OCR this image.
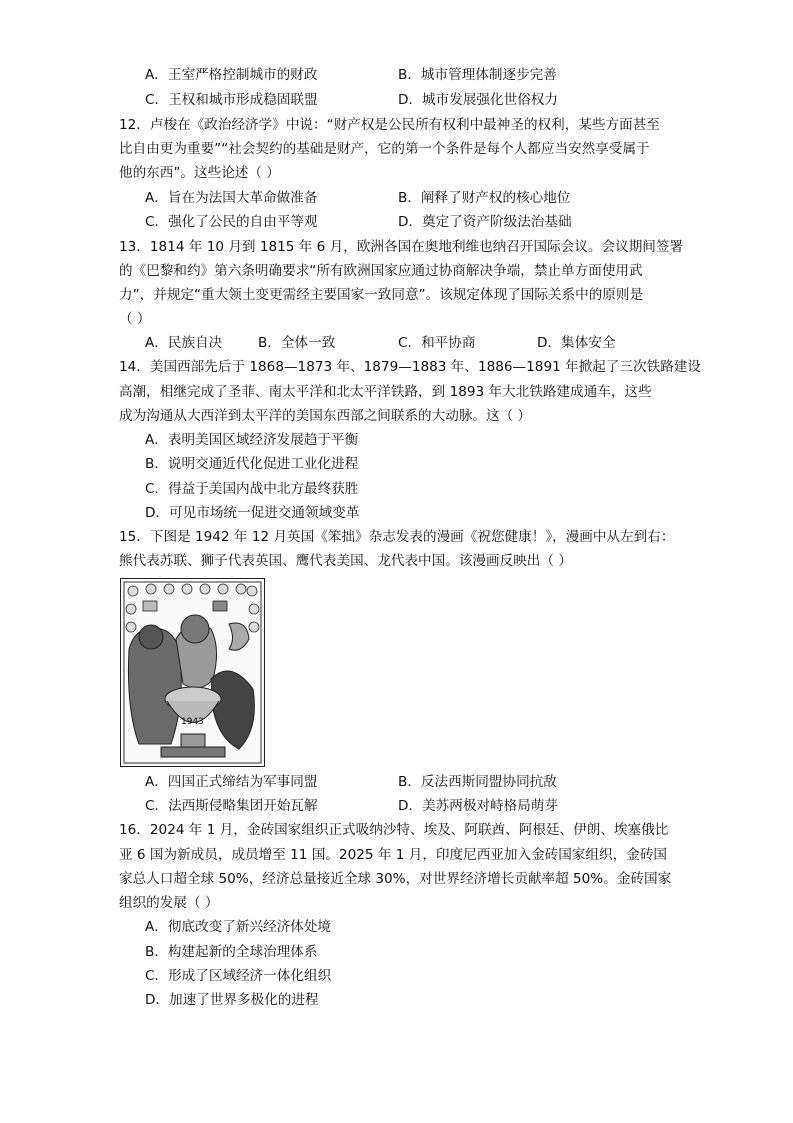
A．王室严格控制城市的财政	B．城市管理体制逐步完善
C．王权和城市形成稳固联盟	D．城市发展强化世俗权力
12．卢梭在《政治经济学》中说：“财产权是公民所有权利中最神圣的权利，某些方面甚至
比自由更为重要”“社会契约的基础是财产，它的第一个条件是每个人都应当安然享受属于
他的东西”。这些论述（ ）
A．旨在为法国大革命做准备	B．阐释了财产权的核心地位
C．强化了公民的自由平等观	D．奠定了资产阶级法治基础
13．1814 年 10 月到 1815 年 6 月，欧洲各国在奥地利维也纳召开国际会议。会议期间签署
的《巴黎和约》第六条明确要求“所有欧洲国家应通过协商解决争端，禁止单方面使用武
力”，并规定“重大领土变更需经主要国家一致同意”。该规定体现了国际关系中的原则是
（ ）
A．民族自决	B．全体一致	C．和平协商	D．集体安全
14．美国西部先后于 1868—1873 年、1879—1883 年、1886—1891 年掀起了三次铁路建设
高潮，相继完成了圣菲、南太平洋和北太平洋铁路，到 1893 年大北铁路建成通车，这些
成为沟通从大西洋到太平洋的美国东西部之间联系的大动脉。这（ ）
A．表明美国区域经济发展趋于平衡
B．说明交通近代化促进工业化进程
C．得益于美国内战中北方最终获胜
D．可见市场统一促进交通领域变革
15．下图是 1942 年 12 月英国《笨拙》杂志发表的漫画《祝您健康！》，漫画中从左到右：
熊代表苏联、狮子代表英国、鹰代表美国、龙代表中国。该漫画反映出（ ）
1943
A．四国正式缔结为军事同盟	B．反法西斯同盟协同抗敌
C．法西斯侵略集团开始瓦解	D．美苏两极对峙格局萌芽
16．2024 年 1 月，金砖国家组织正式吸纳沙特、埃及、阿联酋、阿根廷、伊朗、埃塞俄比
亚 6 国为新成员，成员增至 11 国。2025 年 1 月，印度尼西亚加入金砖国家组织，金砖国
家总人口超全球 50%，经济总量接近全球 30%，对世界经济增长贡献率超 50%。金砖国家
组织的发展（ ）
A．彻底改变了新兴经济体处境
B．构建起新的全球治理体系
C．形成了区域经济一体化组织
D．加速了世界多极化的进程
